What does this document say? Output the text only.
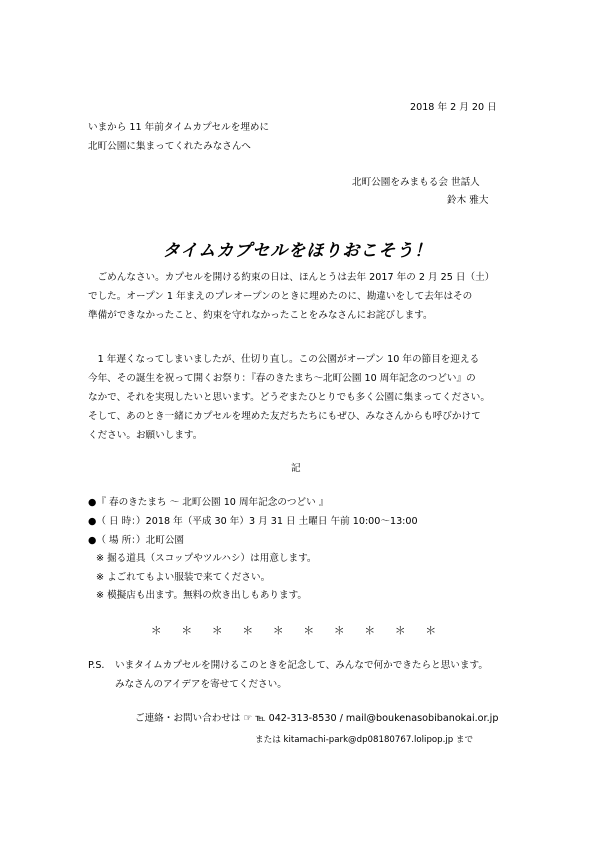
2018 年 2 月 20 日
いまから 11 年前タイムカプセルを埋めに
北町公園に集まってくれたみなさんへ
北町公園をみまもる会 世話人
鈴木 雅大
タイムカプセルをほりおこそう！
　ごめんなさい。カプセルを開ける約束の日は、ほんとうは去年 2017 年の 2 月 25 日（土）
でした。オープン 1 年まえのプレオープンのときに埋めたのに、勘違いをして去年はその
準備ができなかったこと、約束を守れなかったことをみなさんにお詫びします。
　1 年遅くなってしまいましたが、仕切り直し。この公園がオープン 10 年の節目を迎える
今年、その誕生を祝って開くお祭り：『春のきたまち～北町公園 10 周年記念のつどい』の
なかで、それを実現したいと思います。どうぞまたひとりでも多く公園に集まってください。
そして、あのとき一緒にカプセルを埋めた友だちたちにもぜひ、みなさんからも呼びかけて
ください。お願いします。
記
●『 春のきたまち ～ 北町公園 10 周年記念のつどい 』
●（ 日 時：）2018 年（平成 30 年）3 月 31 日 土曜日 午前 10:00～13:00
●（ 場 所：）北町公園
※ 掘る道具（スコップやツルハシ）は用意します。
※ よごれてもよい服装で来てください。
※ 模擬店も出ます。無料の炊き出しもあります。
＊ ＊ ＊ ＊ ＊ ＊ ＊ ＊ ＊ ＊
P.S. いまタイムカプセルを開けるこのときを記念して、みんなで何かできたらと思います。
みなさんのアイデアを寄せてください。
ご連絡・お問い合わせは ☞ ℡ 042-313-8530 / mail@boukenasobibanokai.or.jp
または kitamachi-park@dp08180767.lolipop.jp まで
